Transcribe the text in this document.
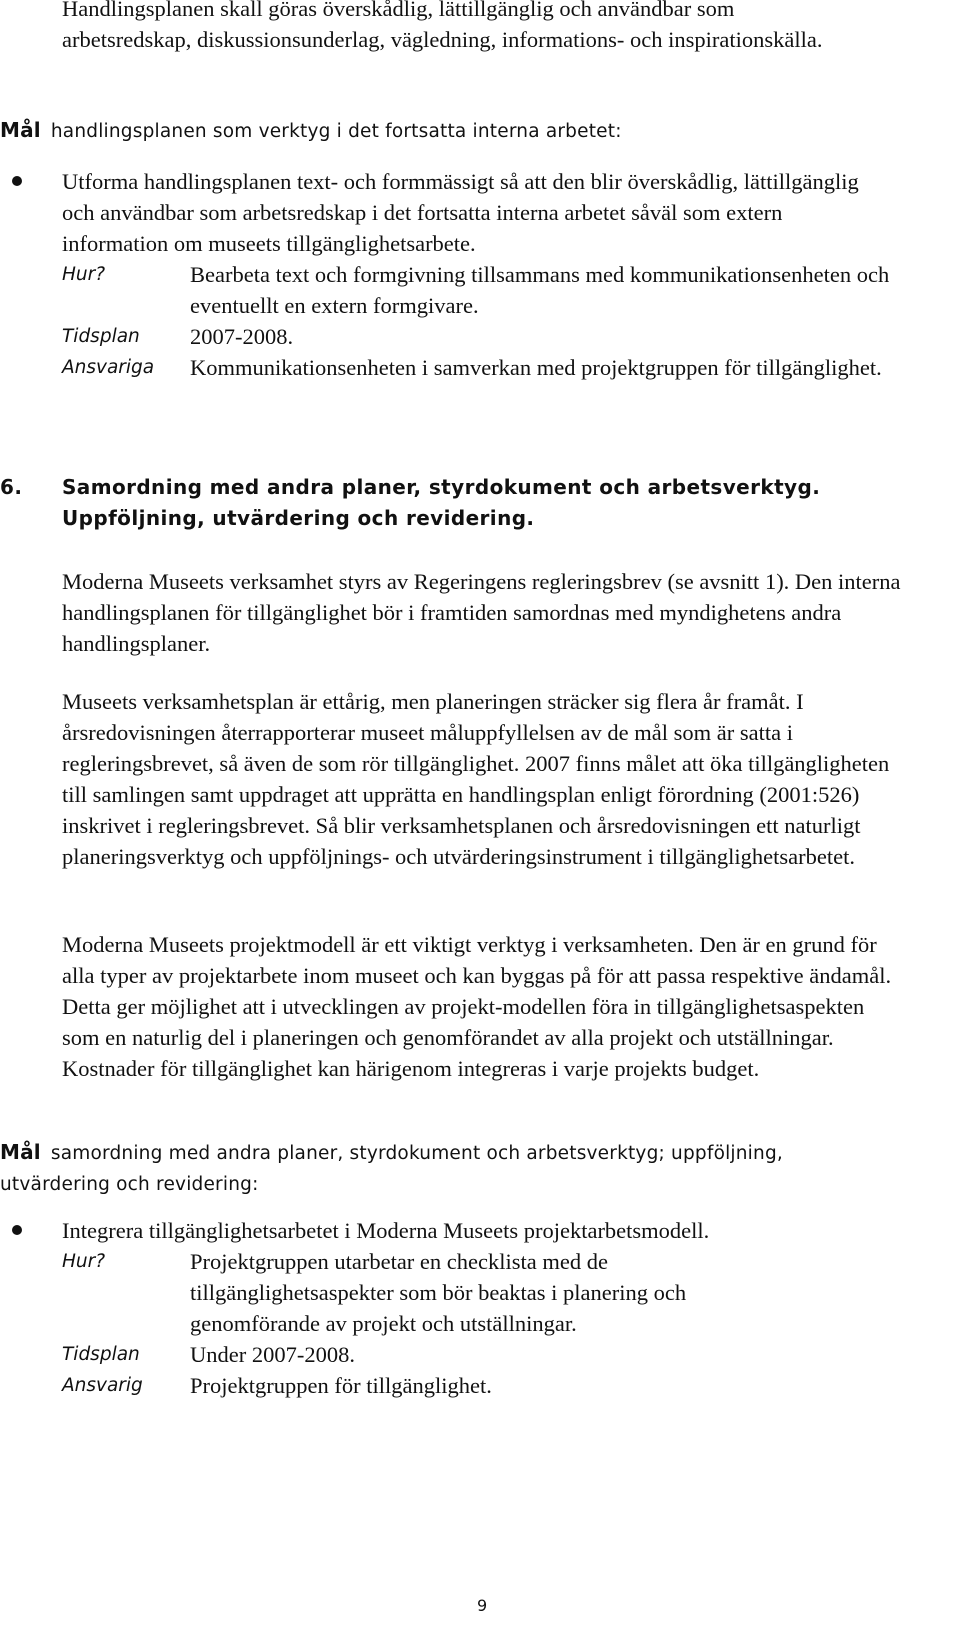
Handlingsplanen skall göras överskådlig, lättillgänglig och användbar som arbetsredskap, diskussionsunderlag, vägledning, informations- och inspirationskälla.

Mål handlingsplanen som verktyg i det fortsatta interna arbetet:

Utforma handlingsplanen text- och formmässigt så att den blir överskådlig, lättillgänglig och användbar som arbetsredskap i det fortsatta interna arbetet såväl som extern information om museets tillgänglighetsarbete.

Hur?	Bearbeta text och formgivning tillsammans med kommunikationsenheten och eventuellt en extern formgivare.

Tidsplan 2007-2008.

Ansvariga Kommunikationsenheten i samverkan med projektgruppen för tillgänglighet.

6. Samordning med andra planer, styrdokument och arbetsverktyg.

Uppföljning, utvärdering och revidering.

Moderna Museets verksamhet styrs av Regeringens regleringsbrev (se avsnitt 1). Den interna handlingsplanen för tillgänglighet bör i framtiden samordnas med myndighetens andra handlingsplaner.

Museets verksamhetsplan är ettårig, men planeringen sträcker sig flera år framåt. I årsredovisningen återrapporterar museet måluppfyllelsen av de mål som är satta i regleringsbrevet, så även de som rör tillgänglighet. 2007 finns målet att öka tillgängligheten till samlingen samt uppdraget att upprätta en handlingsplan enligt förordning (2001:526) inskrivet i regleringsbrevet. Så blir verksamhetsplanen och årsredovisningen ett naturligt planeringsverktyg och uppföljnings- och utvärderingsinstrument i tillgänglighetsarbetet.

Moderna Museets projektmodell är ett viktigt verktyg i verksamheten. Den är en grund för alla typer av projektarbete inom museet och kan byggas på för att passa respektive ändamål. Detta ger möjlighet att i utvecklingen av projekt-modellen föra in tillgänglighetsaspekten som en naturlig del i planeringen och genomförandet av alla projekt och utställningar. Kostnader för tillgänglighet kan härigenom integreras i varje projekts budget.

Mål samordning med andra planer, styrdokument och arbetsverktyg; uppföljning, utvärdering och revidering:

Integrera tillgänglighetsarbetet i Moderna Museets projektarbetsmodell.

Hur?	Projektgruppen utarbetar en checklista med de tillgänglighetsaspekter som bör beaktas i planering och genomförande av projekt och utställningar.

Tidsplan Under 2007-2008.

Ansvarig Projektgruppen för tillgänglighet.

9
